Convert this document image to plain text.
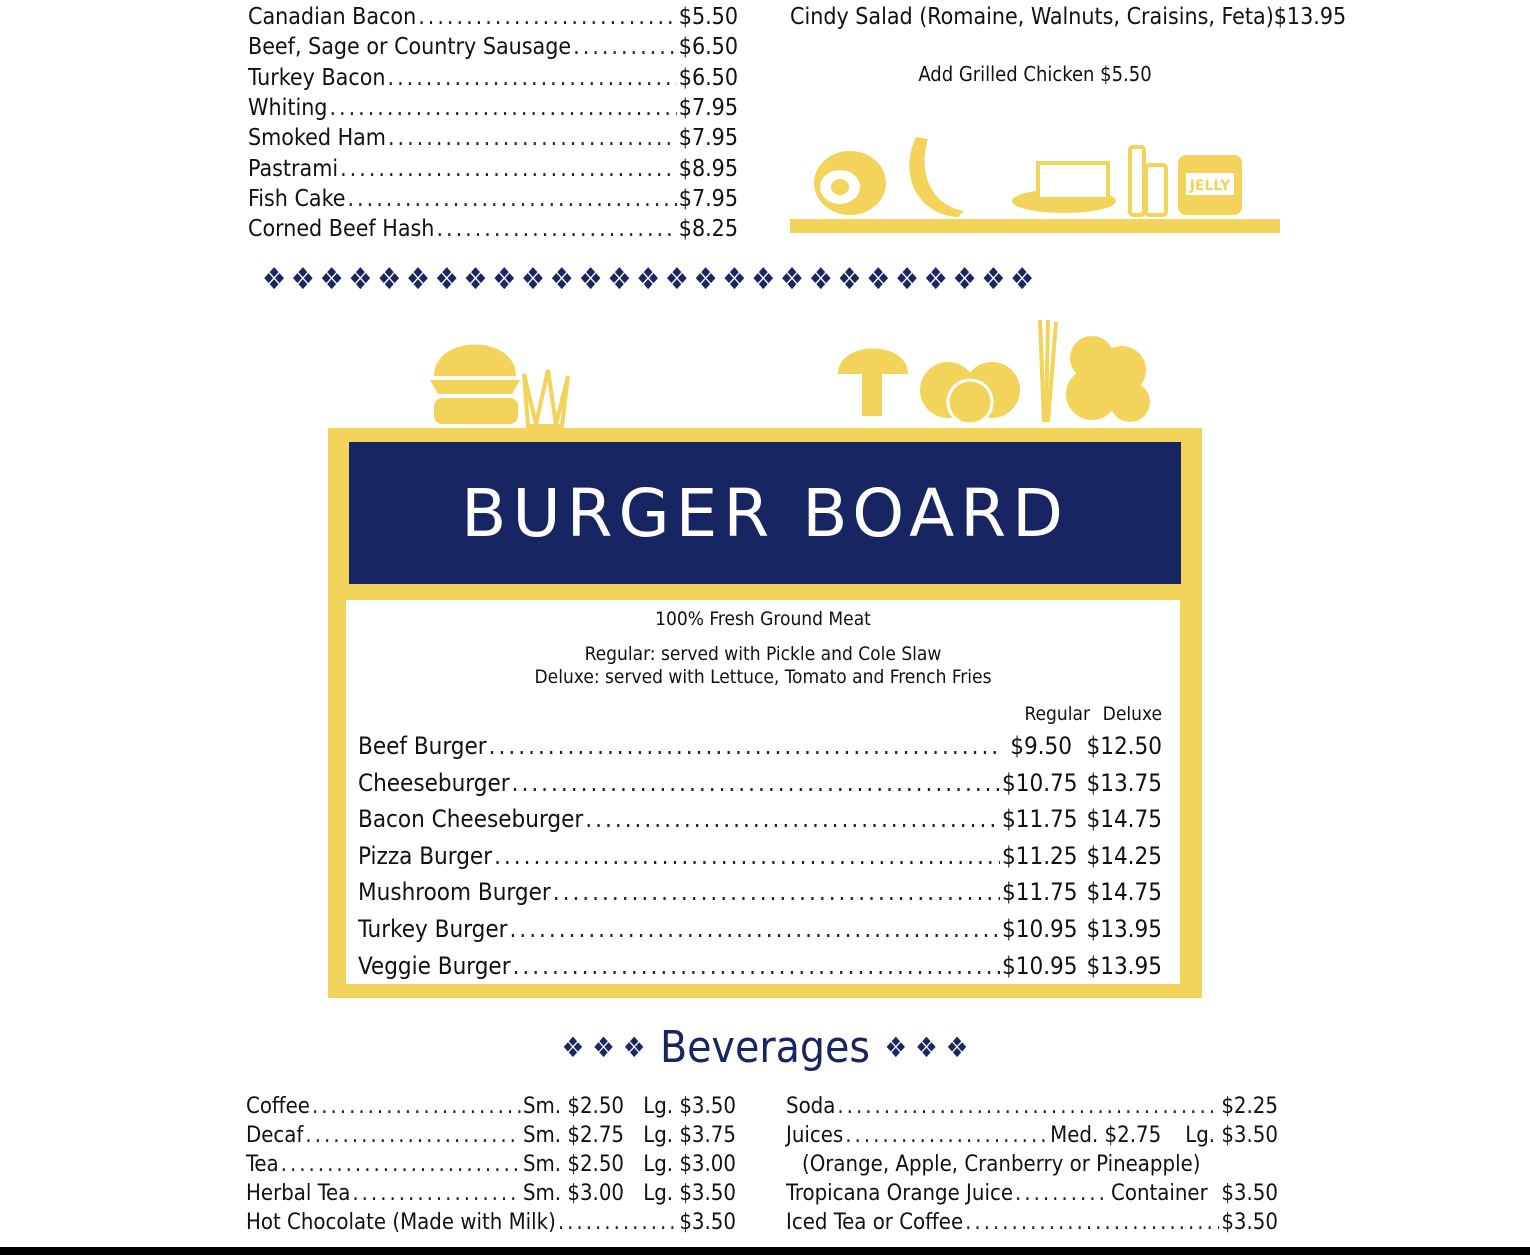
Canadian Bacon .....	$5.50
Beef, Sage or Country Sausage .....	$6.50
Turkey Bacon .....	$6.50
Whiting .....	$7.95
Smoked Ham .....	$7.95
Pastrami .....	$8.95
Fish Cake .....	$7.95
Corned Beef Hash .....	$8.25
Cindy Salad (Romaine, Walnuts, Craisins, Feta) $13.95
Add Grilled Chicken $5.50
JELLY
❖ ❖ ❖ ❖ ❖ ❖ ❖ ❖ ❖ ❖ ❖ ❖ ❖ ❖ ❖ ❖ ❖ ❖ ❖ ❖ ❖ ❖ ❖ ❖ ❖ ❖ ❖
BURGER BOARD
100% Fresh Ground Meat
Regular: served with Pickle and Cole Slaw
Deluxe: served with Lettuce, Tomato and French Fries
Regular Deluxe
Beef Burger .....	$9.50 $12.50
Cheeseburger .....	$10.75 $13.75
Bacon Cheeseburger .....	$11.75 $14.75
Pizza Burger .....	$11.25 $14.25
Mushroom Burger .....	$11.75 $14.75
Turkey Burger .....	$10.95 $13.95
Veggie Burger .....	$10.95 $13.95
❖ ❖ ❖ Beverages ❖ ❖ ❖
Coffee .....	Sm. $2.50 Lg. $3.50
Decaf .....	Sm. $2.75 Lg. $3.75
Tea .....	Sm. $2.50 Lg. $3.00
Herbal Tea .....	Sm. $3.00 Lg. $3.50
Hot Chocolate (Made with Milk) .....	$3.50
Soda .....	$2.25
Juices .....	Med. $2.75 Lg. $3.50
(Orange, Apple, Cranberry or Pineapple)
Tropicana Orange Juice .....	Container $3.50
Iced Tea or Coffee .....	$3.50
